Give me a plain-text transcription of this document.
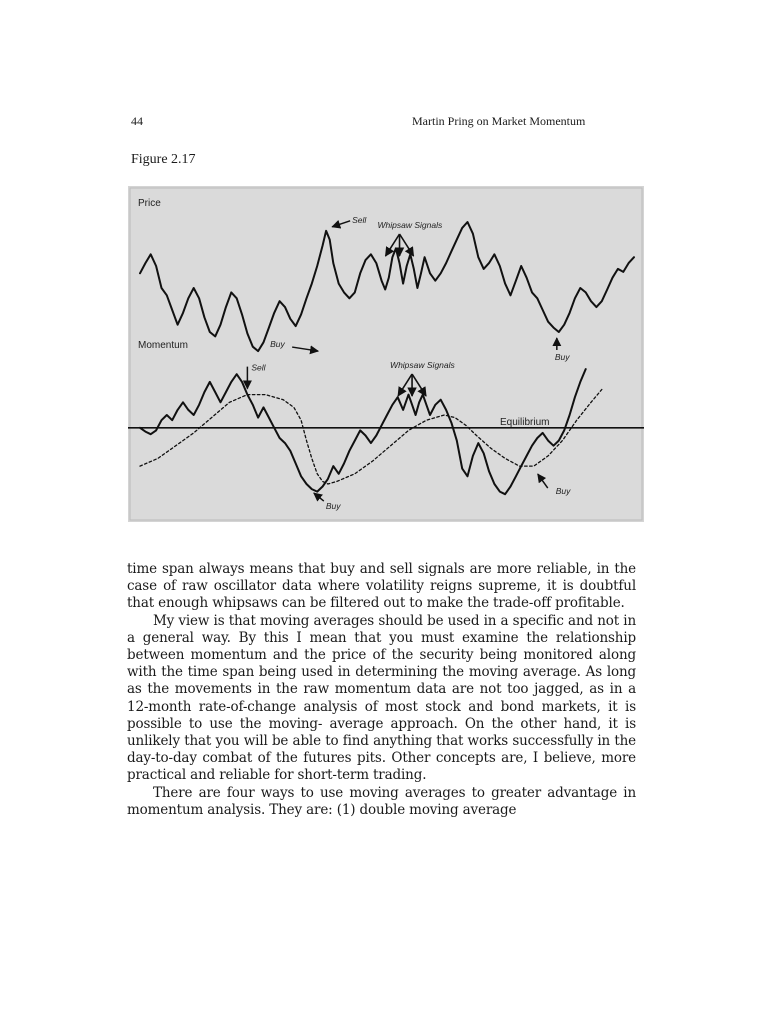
44	Martin Pring on Market Momentum
Figure 2.17
Price
Sell
Whipsaw Signals
Buy
Buy
Momentum
Equilibrium
Sell	Whipsaw Signals
Buy
Buy

time span always means that buy and sell signals are more reliable, in the case of raw oscillator data where volatility reigns supreme, it is doubtful that enough whipsaws can be filtered out to make the trade-off profitable.

My view is that moving averages should be used in a specific and not in a general way. By this I mean that you must examine the relationship between momentum and the price of the security being monitored along with the time span being used in determining the moving average. As long as the movements in the raw momentum data are not too jagged, as in a 12-month rate-of-change analysis of most stock and bond markets, it is possible to use the moving- average approach. On the other hand, it is unlikely that you will be able to find anything that works successfully in the day-to-day combat of the futures pits. Other concepts are, I believe, more practical and reliable for short-term trading.

There are four ways to use moving averages to greater advantage in momentum analysis. They are: (1) double moving average
